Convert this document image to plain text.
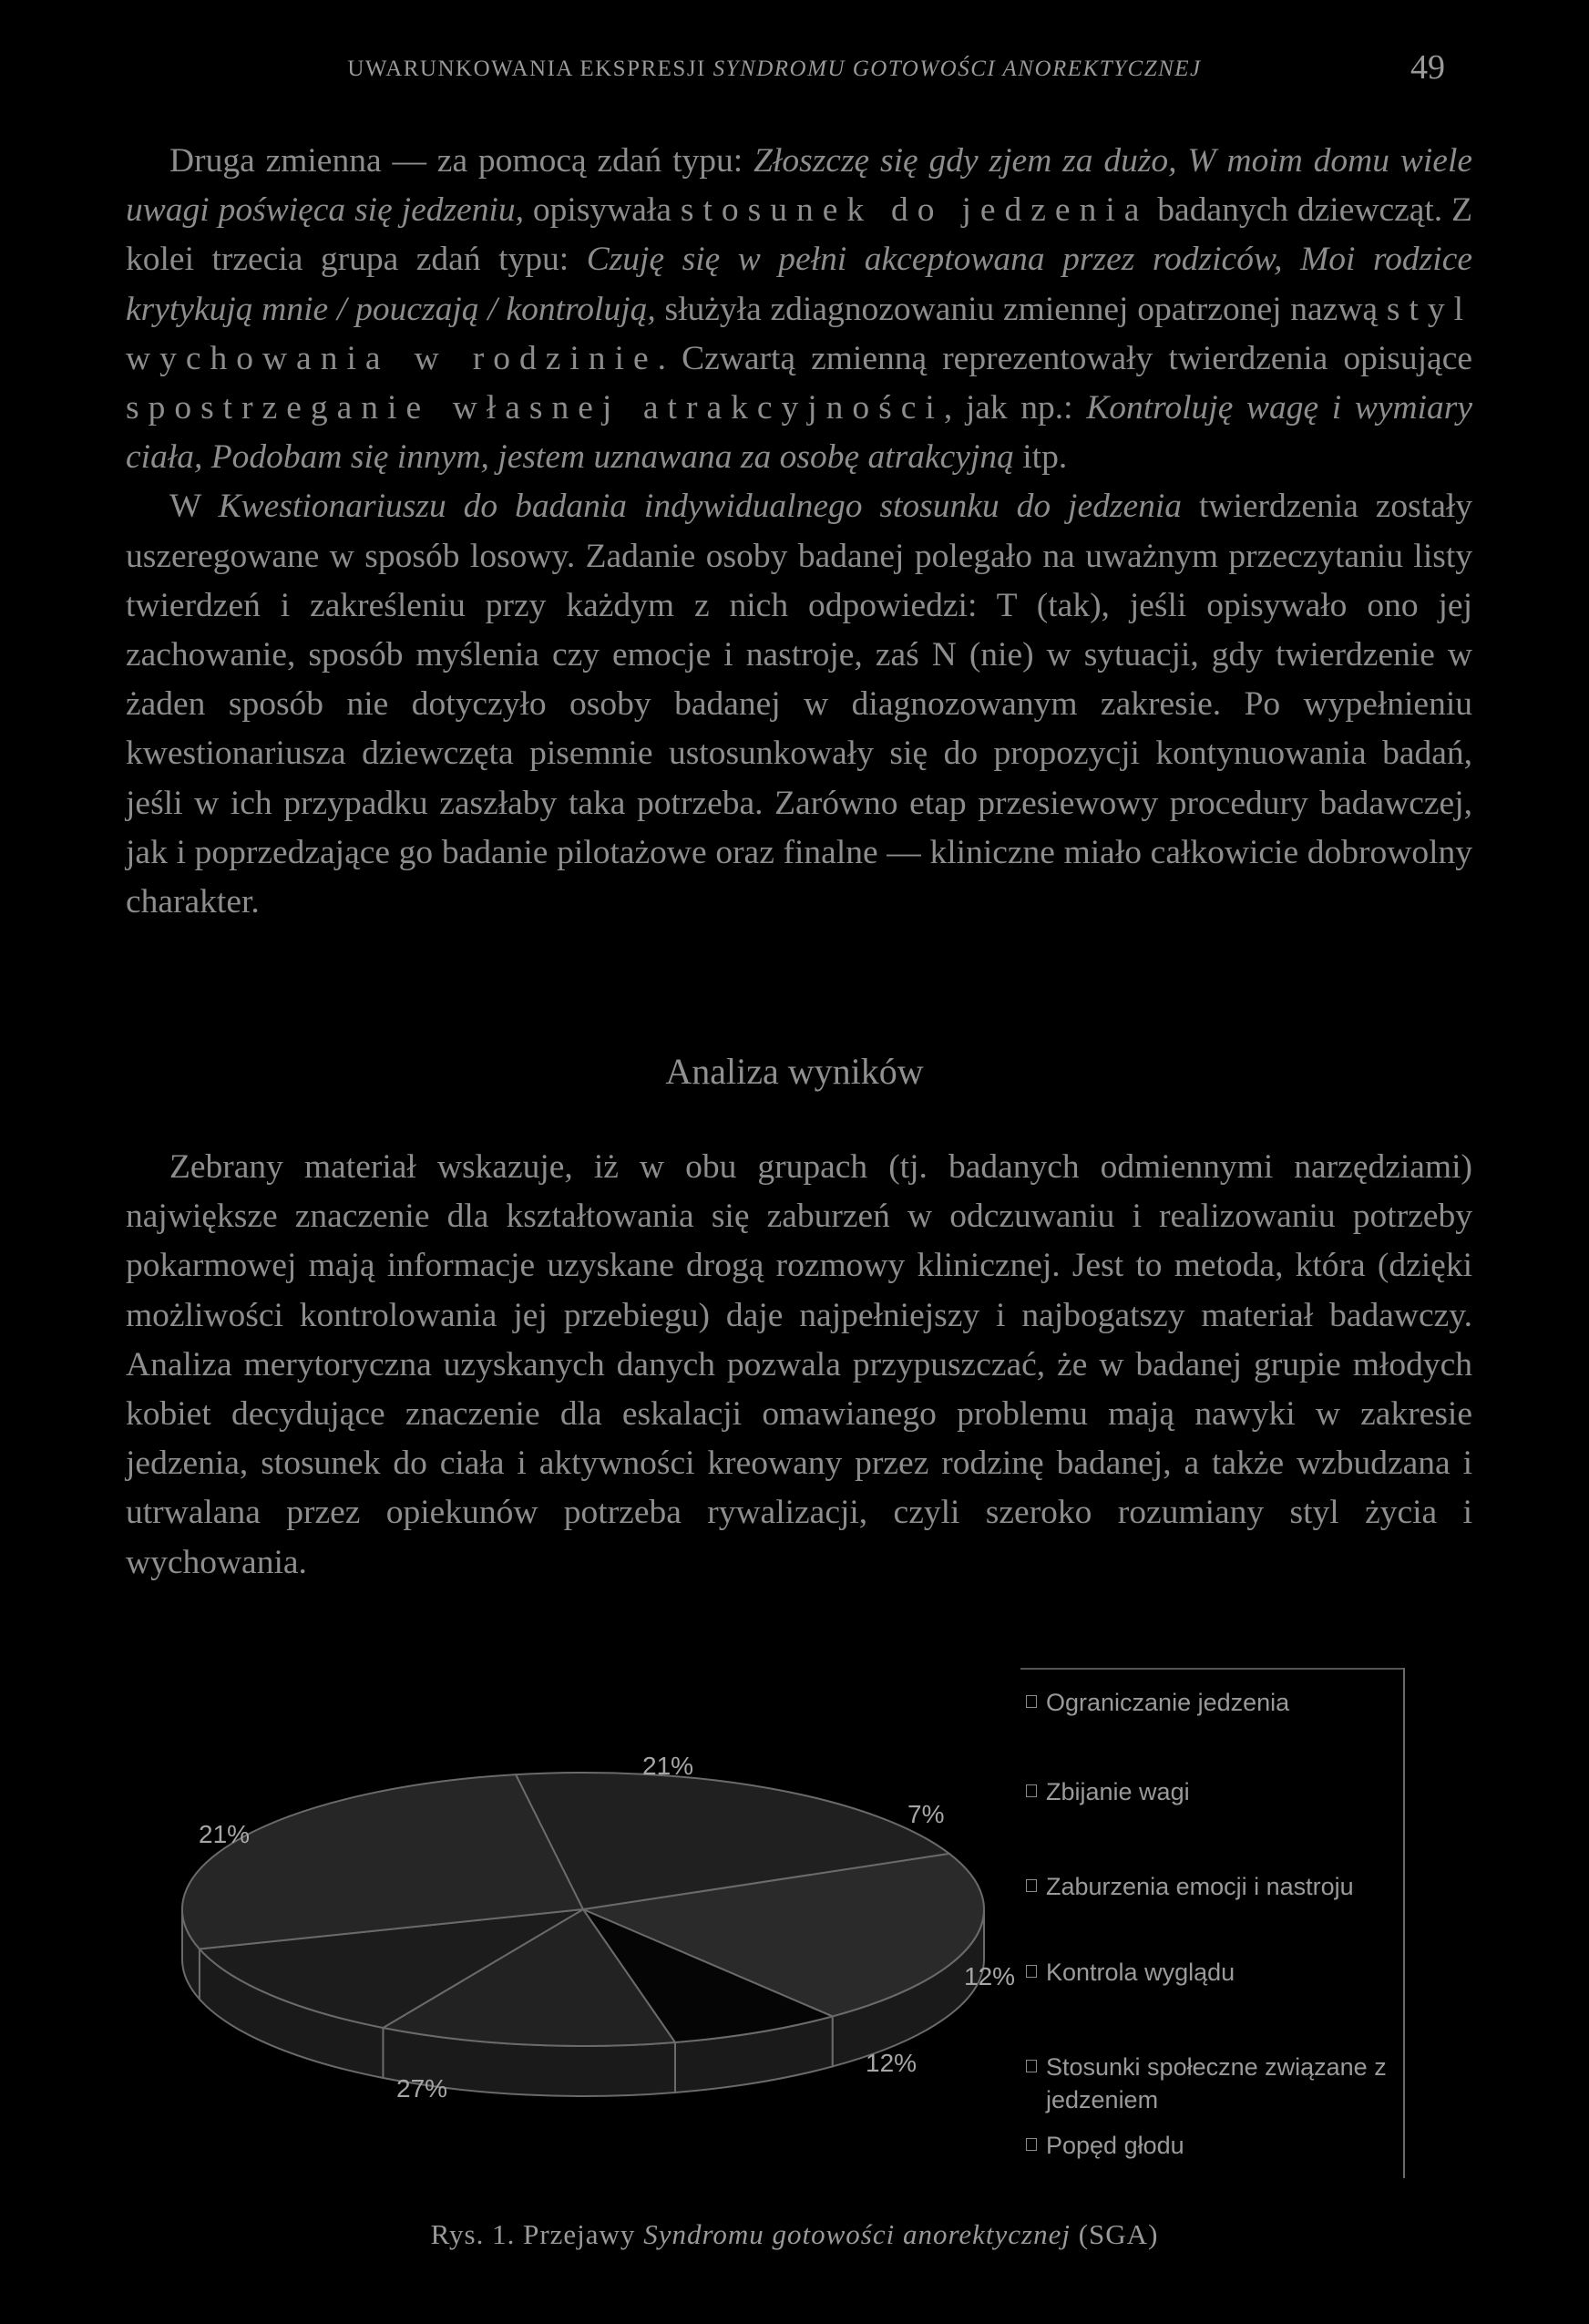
UWARUNKOWANIA EKSPRESJI SYNDROMU GOTOWOŚCI ANOREKTYCZNEJ	49

Druga zmienna — za pomocą zdań typu: Złoszczę się gdy zjem za dużo, W moim domu wiele uwagi poświęca się jedzeniu, opisywała stosunek do jedzenia badanych dziewcząt. Z kolei trzecia grupa zdań typu: Czuję się w pełni akceptowana przez rodziców, Moi rodzice krytykują mnie / pouczają / kontrolują, służyła zdiagnozowaniu zmiennej opatrzonej nazwą styl wychowania w rodzinie. Czwartą zmienną reprezentowały twierdzenia opisujące spostrzeganie własnej atrakcyjności, jak np.: Kontroluję wagę i wymiary ciała, Podobam się innym, jestem uznawana za osobę atrakcyjną itp.

W Kwestionariuszu do badania indywidualnego stosunku do jedzenia twierdzenia zostały uszeregowane w sposób losowy. Zadanie osoby badanej polegało na uważnym przeczytaniu listy twierdzeń i zakreśleniu przy każdym z nich odpowiedzi: T (tak), jeśli opisywało ono jej zachowanie, sposób myślenia czy emocje i nastroje, zaś N (nie) w sytuacji, gdy twierdzenie w żaden sposób nie dotyczyło osoby badanej w diagnozowanym zakresie. Po wypełnieniu kwestionariusza dziewczęta pisemnie ustosunkowały się do propozycji kontynuowania badań, jeśli w ich przypadku zaszłaby taka potrzeba. Zarówno etap przesiewowy procedury badawczej, jak i poprzedzające go badanie pilotażowe oraz finalne — kliniczne miało całkowicie dobrowolny charakter.

Analiza wyników

Zebrany materiał wskazuje, iż w obu grupach (tj. badanych odmiennymi narzędziami) największe znaczenie dla kształtowania się zaburzeń w odczuwaniu i realizowaniu potrzeby pokarmowej mają informacje uzyskane drogą rozmowy klinicznej. Jest to metoda, która (dzięki możliwości kontrolowania jej przebiegu) daje najpełniejszy i najbogatszy materiał badawczy. Analiza merytoryczna uzyskanych danych pozwala przypuszczać, że w badanej grupie młodych kobiet decydujące znaczenie dla eskalacji omawianego problemu mają nawyki w zakresie jedzenia, stosunek do ciała i aktywności kreowany przez rodzinę badanej, a także wzbudzana i utrwalana przez opiekunów potrzeba rywalizacji, czyli szeroko rozumiany styl życia i wychowania.

21%
7%
12%
12%
27%
21%
Ograniczanie jedzenia
Zbijanie wagi
Zaburzenia emocji i nastroju
Kontrola wyglądu
Stosunki społeczne związane z jedzeniem
Popęd głodu
Rys. 1. Przejawy Syndromu gotowości anorektycznej (SGA)
